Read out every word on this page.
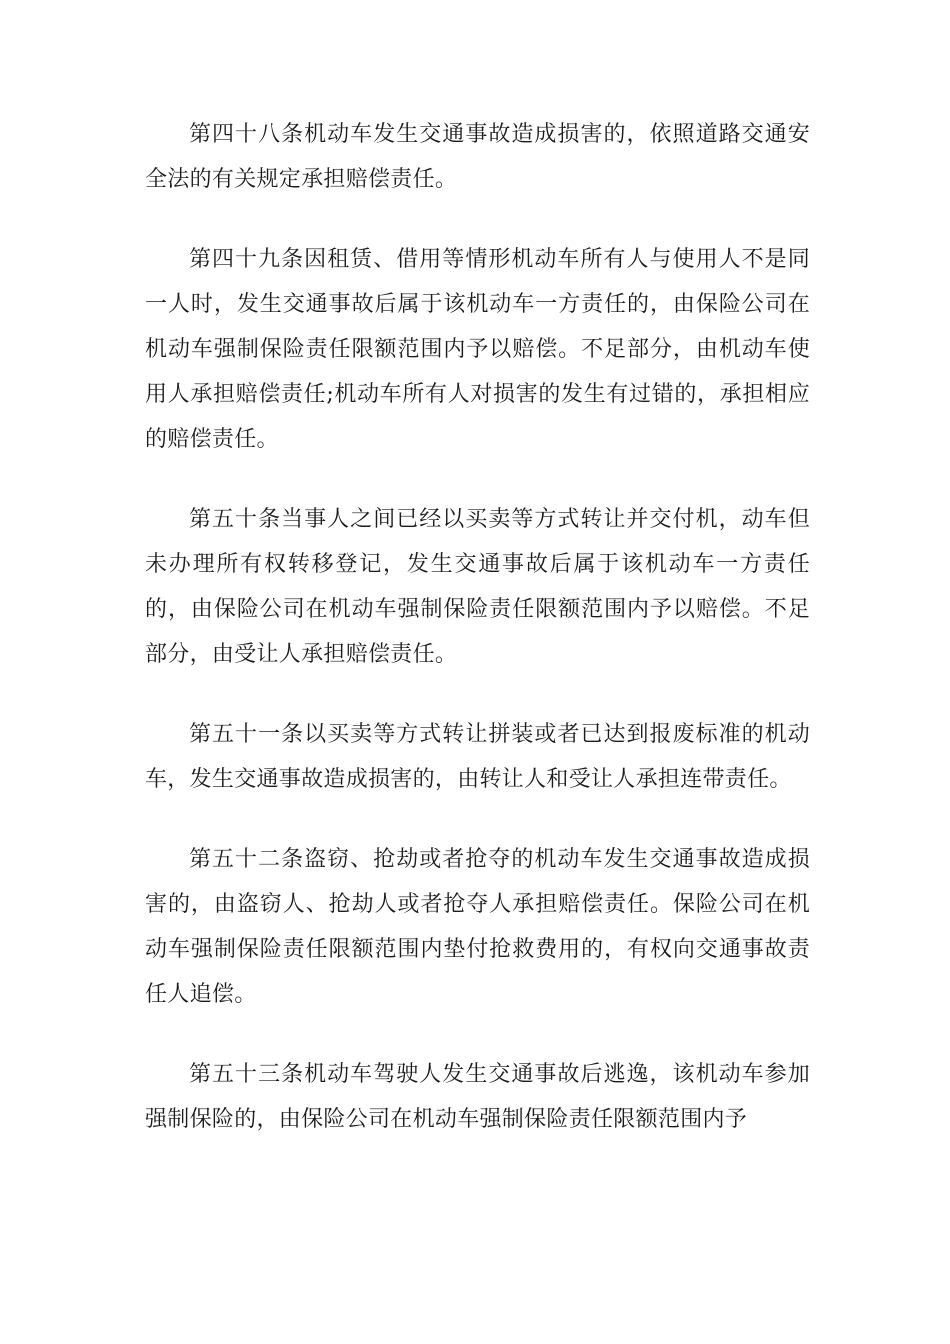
第四十八条机动车发生交通事故造成损害的，依照道路交通安全法的有关规定承担赔偿责任。

第四十九条因租赁、借用等情形机动车所有人与使用人不是同一人时，发生交通事故后属于该机动车一方责任的，由保险公司在机动车强制保险责任限额范围内予以赔偿。不足部分，由机动车使用人承担赔偿责任;机动车所有人对损害的发生有过错的，承担相应的赔偿责任。

第五十条当事人之间已经以买卖等方式转让并交付机，动车但未办理所有权转移登记，发生交通事故后属于该机动车一方责任的，由保险公司在机动车强制保险责任限额范围内予以赔偿。不足部分，由受让人承担赔偿责任。

第五十一条以买卖等方式转让拼装或者已达到报废标准的机动车，发生交通事故造成损害的，由转让人和受让人承担连带责任。

第五十二条盗窃、抢劫或者抢夺的机动车发生交通事故造成损害的，由盗窃人、抢劫人或者抢夺人承担赔偿责任。保险公司在机动车强制保险责任限额范围内垫付抢救费用的，有权向交通事故责任人追偿。

第五十三条机动车驾驶人发生交通事故后逃逸，该机动车参加强制保险的，由保险公司在机动车强制保险责任限额范围内予
